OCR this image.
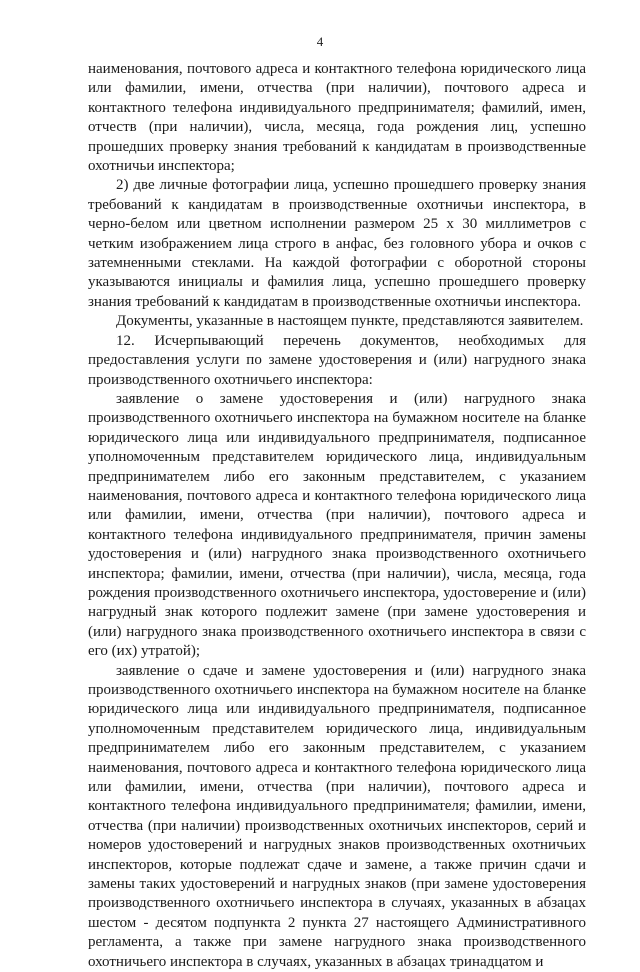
4

наименования, почтового адреса и контактного телефона юридического лица или фамилии, имени, отчества (при наличии), почтового адреса и контактного телефона индивидуального предпринимателя; фамилий, имен, отчеств (при наличии), числа, месяца, года рождения лиц, успешно прошедших проверку знания требований к кандидатам в производственные охотничьи инспектора;

2) две личные фотографии лица, успешно прошедшего проверку знания требований к кандидатам в производственные охотничьи инспектора, в черно-белом или цветном исполнении размером 25 х 30 миллиметров с четким изображением лица строго в анфас, без головного убора и очков с затемненными стеклами. На каждой фотографии с оборотной стороны указываются инициалы и фамилия лица, успешно прошедшего проверку знания требований к кандидатам в производственные охотничьи инспектора.

Документы, указанные в настоящем пункте, представляются заявителем.

12. Исчерпывающий перечень документов, необходимых для предоставления услуги по замене удостоверения и (или) нагрудного знака производственного охотничьего инспектора:

заявление о замене удостоверения и (или) нагрудного знака производственного охотничьего инспектора на бумажном носителе на бланке юридического лица или индивидуального предпринимателя, подписанное уполномоченным представителем юридического лица, индивидуальным предпринимателем либо его законным представителем, с указанием наименования, почтового адреса и контактного телефона юридического лица или фамилии, имени, отчества (при наличии), почтового адреса и контактного телефона индивидуального предпринимателя, причин замены удостоверения и (или) нагрудного знака производственного охотничьего инспектора; фамилии, имени, отчества (при наличии), числа, месяца, года рождения производственного охотничьего инспектора, удостоверение и (или) нагрудный знак которого подлежит замене (при замене удостоверения и (или) нагрудного знака производственного охотничьего инспектора в связи с его (их) утратой);

заявление о сдаче и замене удостоверения и (или) нагрудного знака производственного охотничьего инспектора на бумажном носителе на бланке юридического лица или индивидуального предпринимателя, подписанное уполномоченным представителем юридического лица, индивидуальным предпринимателем либо его законным представителем, с указанием наименования, почтового адреса и контактного телефона юридического лица или фамилии, имени, отчества (при наличии), почтового адреса и контактного телефона индивидуального предпринимателя; фамилии, имени, отчества (при наличии) производственных охотничьих инспекторов, серий и номеров удостоверений и нагрудных знаков производственных охотничьих инспекторов, которые подлежат сдаче и замене, а также причин сдачи и замены таких удостоверений и нагрудных знаков (при замене удостоверения производственного охотничьего инспектора в случаях, указанных в абзацах шестом - десятом подпункта 2 пункта 27 настоящего Административного регламента, а также при замене нагрудного знака производственного охотничьего инспектора в случаях, указанных в абзацах тринадцатом и
